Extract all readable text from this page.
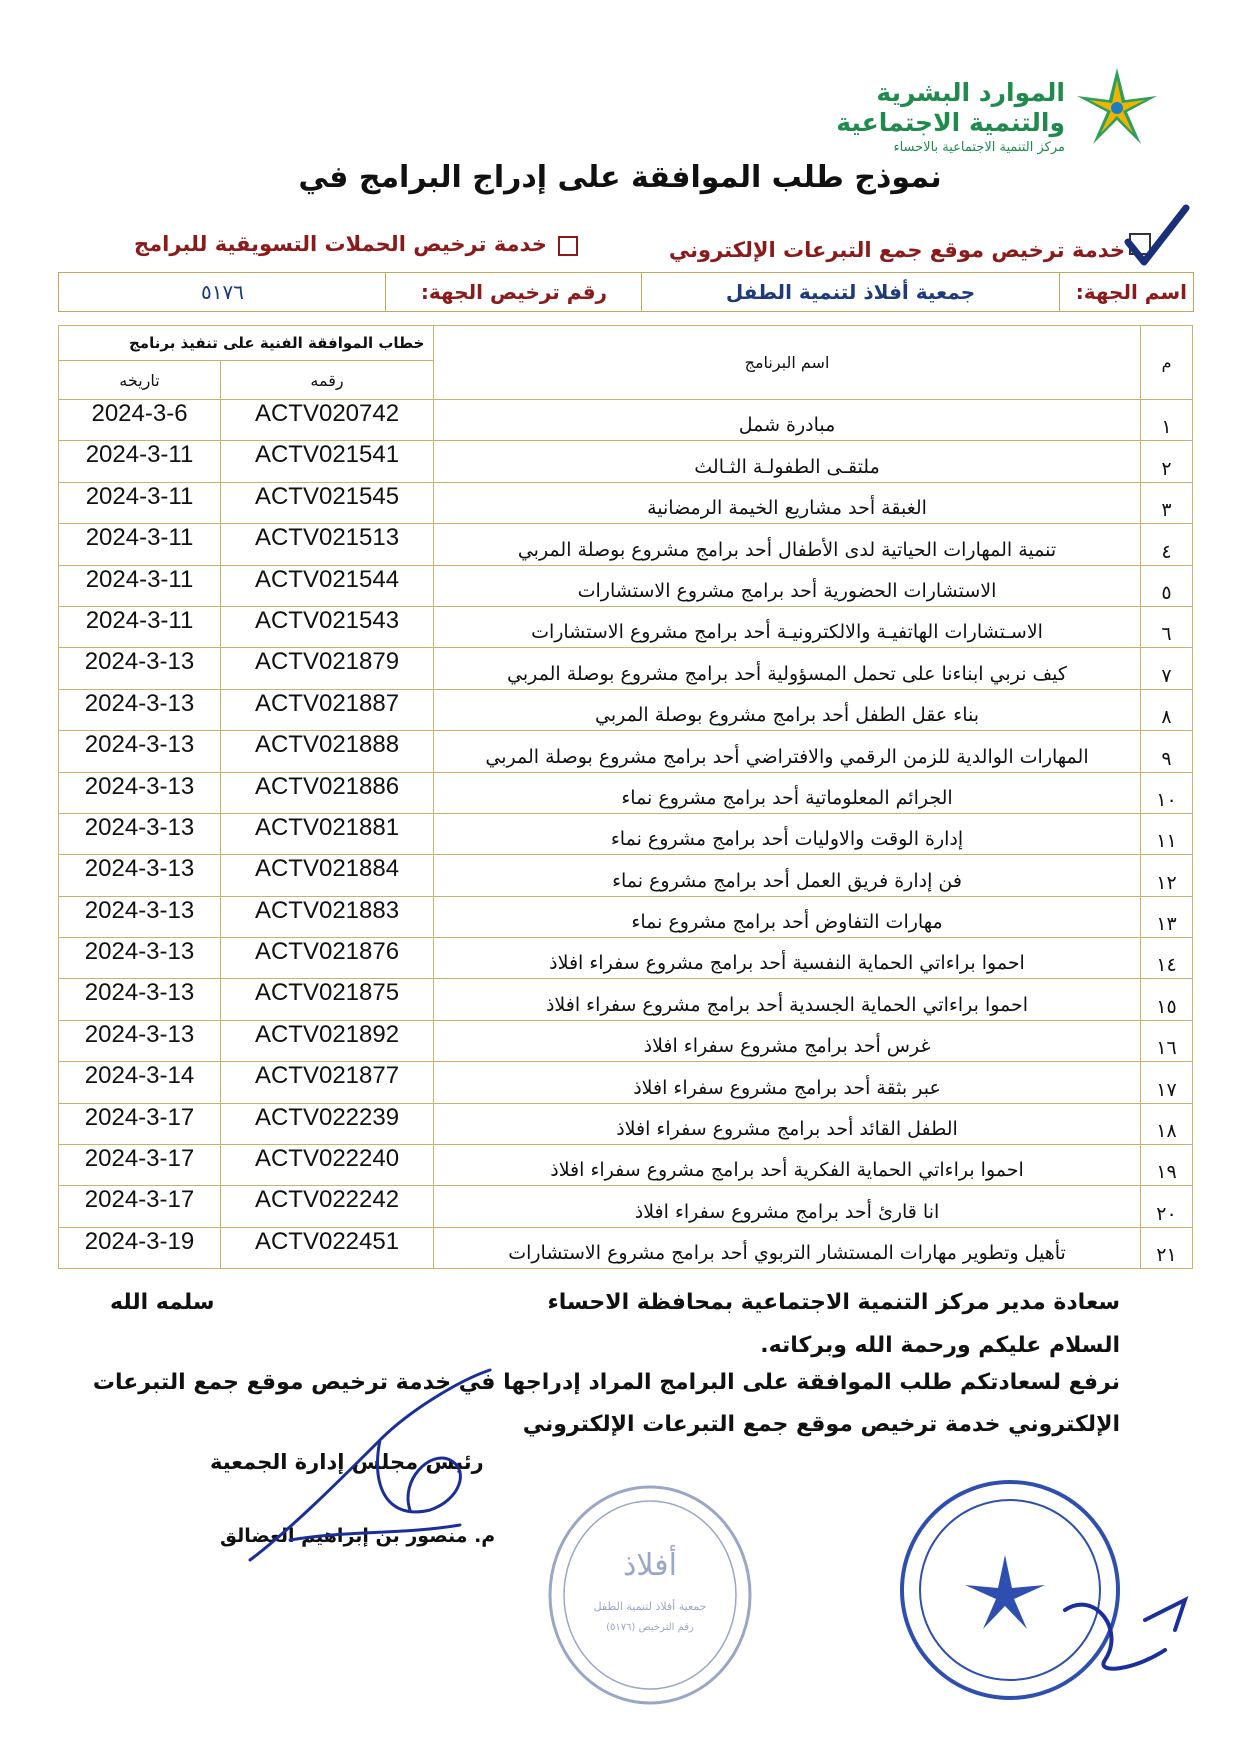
الموارد البشرية
والتنمية الاجتماعية
مركز التنمية الاجتماعية بالاحساء
نموذج طلب الموافقة على إدراج البرامج في
خدمة ترخيص موقع جمع التبرعات الإلكتروني
خدمة ترخيص الحملات التسويقية للبرامج
اسم الجهة:
جمعية أفلاذ لتنمية الطفل
رقم ترخيص الجهة:
٥١٧٦
م	اسم البرنامج	خطاب الموافقة الفنية على تنفيذ برنامج	
		رقمه	تاريخه
١	مبادرة شمل	ACTV020742	2024-3-6
٢	ملتقـى الطفولـة الثـالث	ACTV021541	2024-3-11
٣	الغبقة أحد مشاريع الخيمة الرمضانية	ACTV021545	2024-3-11
٤	تنمية المهارات الحياتية لدى الأطفال أحد برامج مشروع بوصلة المربي	ACTV021513	2024-3-11
٥	الاستشارات الحضورية أحد برامج مشروع الاستشارات	ACTV021544	2024-3-11
٦	الاسـتشارات الهاتفيـة والالكترونيـة أحد برامج مشروع الاستشارات	ACTV021543	2024-3-11
٧	كيف نربي ابناءنا على تحمل المسؤولية أحد برامج مشروع بوصلة المربي	ACTV021879	2024-3-13
٨	بناء عقل الطفل أحد برامج مشروع بوصلة المربي	ACTV021887	2024-3-13
٩	المهارات الوالدية للزمن الرقمي والافتراضي أحد برامج مشروع بوصلة المربي	ACTV021888	2024-3-13
١٠	الجرائم المعلوماتية أحد برامج مشروع نماء	ACTV021886	2024-3-13
١١	إدارة الوقت والاوليات أحد برامج مشروع نماء	ACTV021881	2024-3-13
١٢	فن إدارة فريق العمل أحد برامج مشروع نماء	ACTV021884	2024-3-13
١٣	مهارات التفاوض أحد برامج مشروع نماء	ACTV021883	2024-3-13
١٤	احموا براءاتي الحماية النفسية أحد برامج مشروع سفراء افلاذ	ACTV021876	2024-3-13
١٥	احموا براءاتي الحماية الجسدية أحد برامج مشروع سفراء افلاذ	ACTV021875	2024-3-13
١٦	غرس أحد برامج مشروع سفراء افلاذ	ACTV021892	2024-3-13
١٧	عبر بثقة أحد برامج مشروع سفراء افلاذ	ACTV021877	2024-3-14
١٨	الطفل القائد أحد برامج مشروع سفراء افلاذ	ACTV022239	2024-3-17
١٩	احموا براءاتي الحماية الفكرية أحد برامج مشروع سفراء افلاذ	ACTV022240	2024-3-17
٢٠	انا قارئ أحد برامج مشروع سفراء افلاذ	ACTV022242	2024-3-17
٢١	تأهيل وتطوير مهارات المستشار التربوي أحد برامج مشروع الاستشارات	ACTV022451	2024-3-19
سعادة مدير مركز التنمية الاجتماعية بمحافظة الاحساء
سلمه الله
السلام عليكم ورحمة الله وبركاته.
نرفع لسعادتكم طلب الموافقة على البرامج المراد إدراجها في خدمة ترخيص موقع جمع التبرعات
الإلكتروني خدمة ترخيص موقع جمع التبرعات الإلكتروني
رئيس مجلس إدارة الجمعية
م. منصور بن إبراهيم العضالق
أفلاذ
جمعية أفلاذ لتنمية الطفل
رقم الترخيص (٥١٧٦)
